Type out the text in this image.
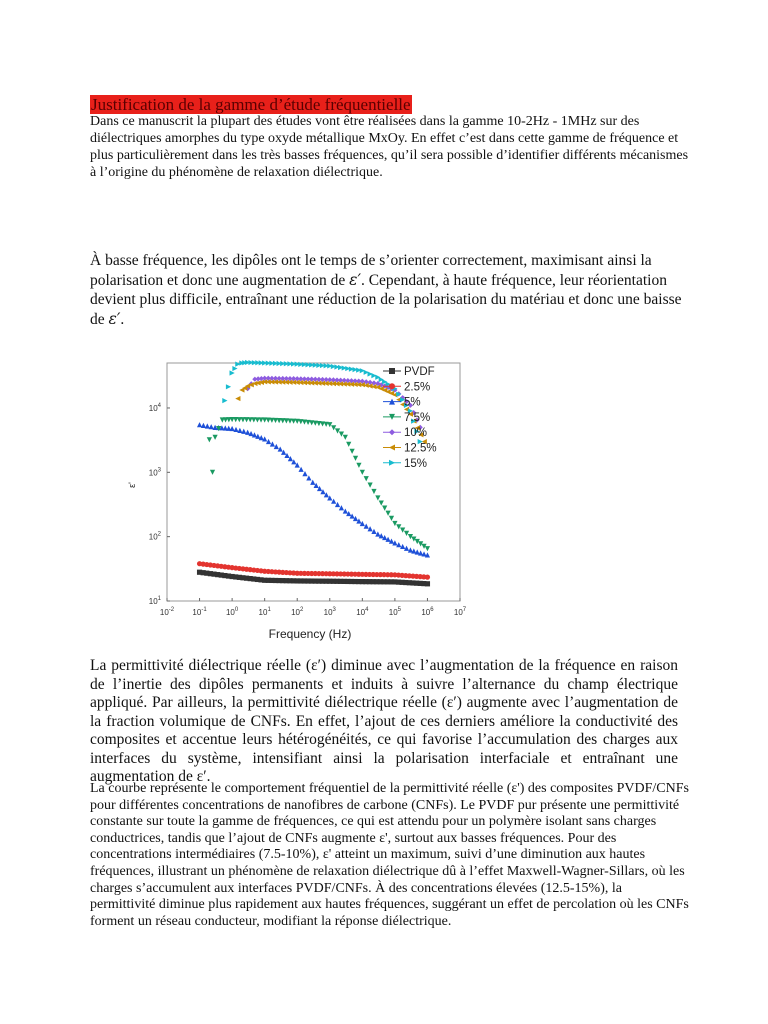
Justification de la gamme d’étude fréquentielle

Dans ce manuscrit la plupart des études vont être réalisées dans la gamme 10-2Hz - 1MHz sur des diélectriques amorphes du type oxyde métallique MxOy. En effet c’est dans cette gamme de fréquence et plus particulièrement dans les très basses fréquences, qu’il sera possible d’identifier différents mécanismes à l’origine du phénomène de relaxation diélectrique.

À basse fréquence, les dipôles ont le temps de s’orienter correctement, maximisant ainsi la polarisation et donc une augmentation de ε′. Cependant, à haute fréquence, leur réorientation devient plus difficile, entraînant une réduction de la polarisation du matériau et donc une baisse de ε′.

$10^{-2}$ $10^{-1}$ $10^0$	$10^1$	$10^2$	$10^3$	$10^4$	$10^5$	$10^6$	$10^7$
$10^1$
$10^2$
$10^3$
$10^4$
PVDF
2.5%
5%
7.5%
10%
12.5%
15%
Frequency (Hz)
ε'

La permittivité diélectrique réelle (ε′) diminue avec l’augmentation de la fréquence en raison de l’inertie des dipôles permanents et induits à suivre l’alternance du champ électrique appliqué. Par ailleurs, la permittivité diélectrique réelle (ε′) augmente avec l’augmentation de la fraction volumique de CNFs. En effet, l’ajout de ces derniers améliore la conductivité des composites et accentue leurs hétérogénéités, ce qui favorise l’accumulation des charges aux interfaces du système, intensifiant ainsi la polarisation interfaciale et entraînant une augmentation de ε′.

La courbe représente le comportement fréquentiel de la permittivité réelle (ε') des composites PVDF/CNFs pour différentes concentrations de nanofibres de carbone (CNFs). Le PVDF pur présente une permittivité constante sur toute la gamme de fréquences, ce qui est attendu pour un polymère isolant sans charges conductrices, tandis que l’ajout de CNFs augmente ε', surtout aux basses fréquences. Pour des concentrations intermédiaires (7.5-10%), ε' atteint un maximum, suivi d’une diminution aux hautes fréquences, illustrant un phénomène de relaxation diélectrique dû à l’effet Maxwell-Wagner-Sillars, où les charges s’accumulent aux interfaces PVDF/CNFs. À des concentrations élevées (12.5-15%), la permittivité diminue plus rapidement aux hautes fréquences, suggérant un effet de percolation où les CNFs forment un réseau conducteur, modifiant la réponse diélectrique.
